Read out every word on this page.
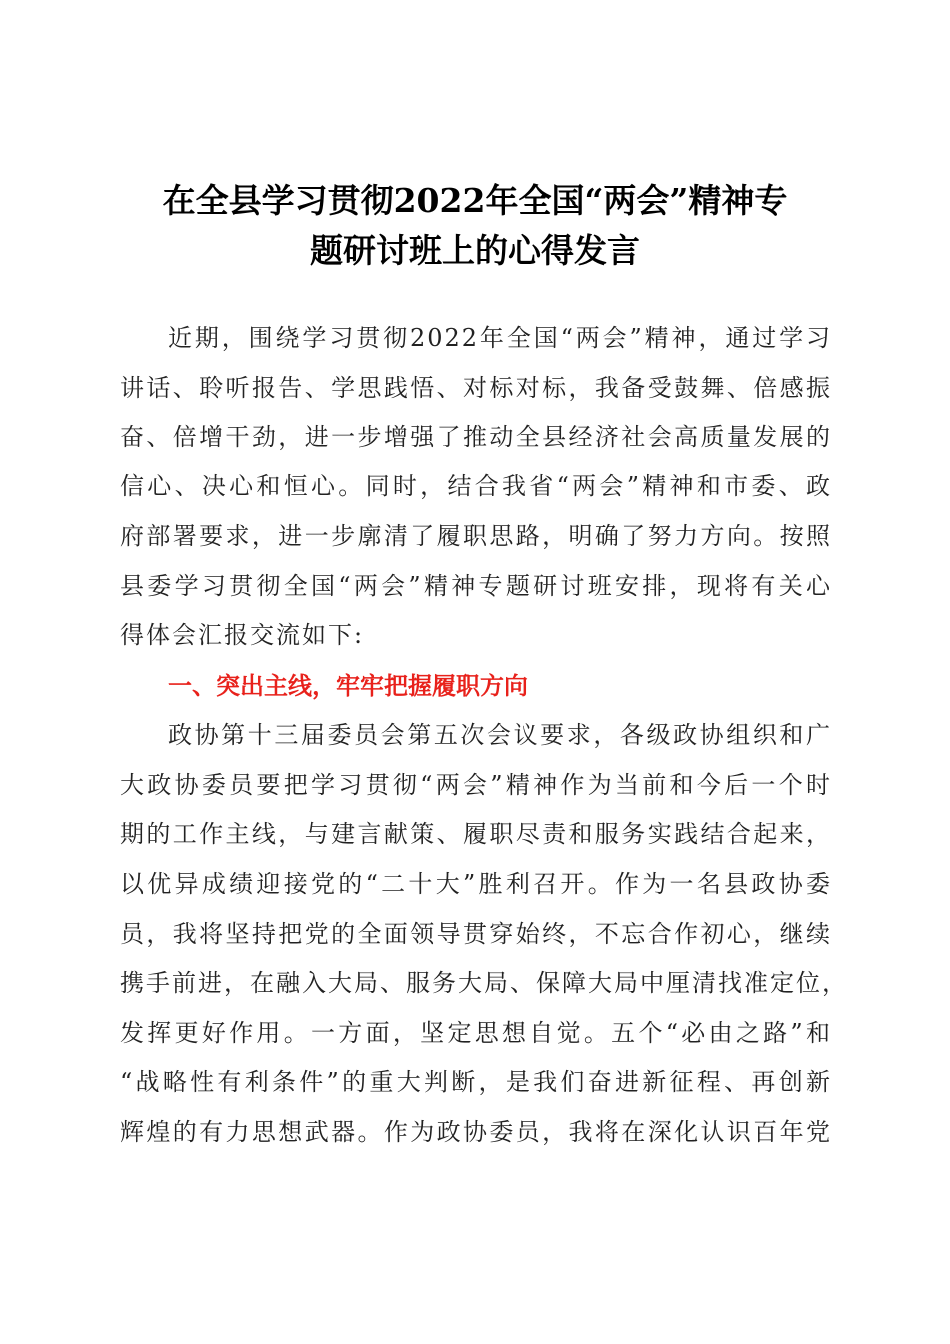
在全县学习贯彻2022年全国“两会”精神专
题研讨班上的心得发言
近期，围绕学习贯彻2022年全国“两会”精神，通过学习
讲话、聆听报告、学思践悟、对标对标，我备受鼓舞、倍感振
奋、倍增干劲，进一步增强了推动全县经济社会高质量发展的
信心、决心和恒心。同时，结合我省“两会”精神和市委、政
府部署要求，进一步廓清了履职思路，明确了努力方向。按照
县委学习贯彻全国“两会”精神专题研讨班安排，现将有关心
得体会汇报交流如下:
一、突出主线，牢牢把握履职方向
政协第十三届委员会第五次会议要求，各级政协组织和广
大政协委员要把学习贯彻“两会”精神作为当前和今后一个时
期的工作主线，与建言献策、履职尽责和服务实践结合起来，
以优异成绩迎接党的“二十大”胜利召开。作为一名县政协委
员，我将坚持把党的全面领导贯穿始终，不忘合作初心，继续
携手前进，在融入大局、服务大局、保障大局中厘清找准定位，
发挥更好作用。一方面，坚定思想自觉。五个“必由之路”和
“战略性有利条件”的重大判断，是我们奋进新征程、再创新
辉煌的有力思想武器。作为政协委员，我将在深化认识百年党
